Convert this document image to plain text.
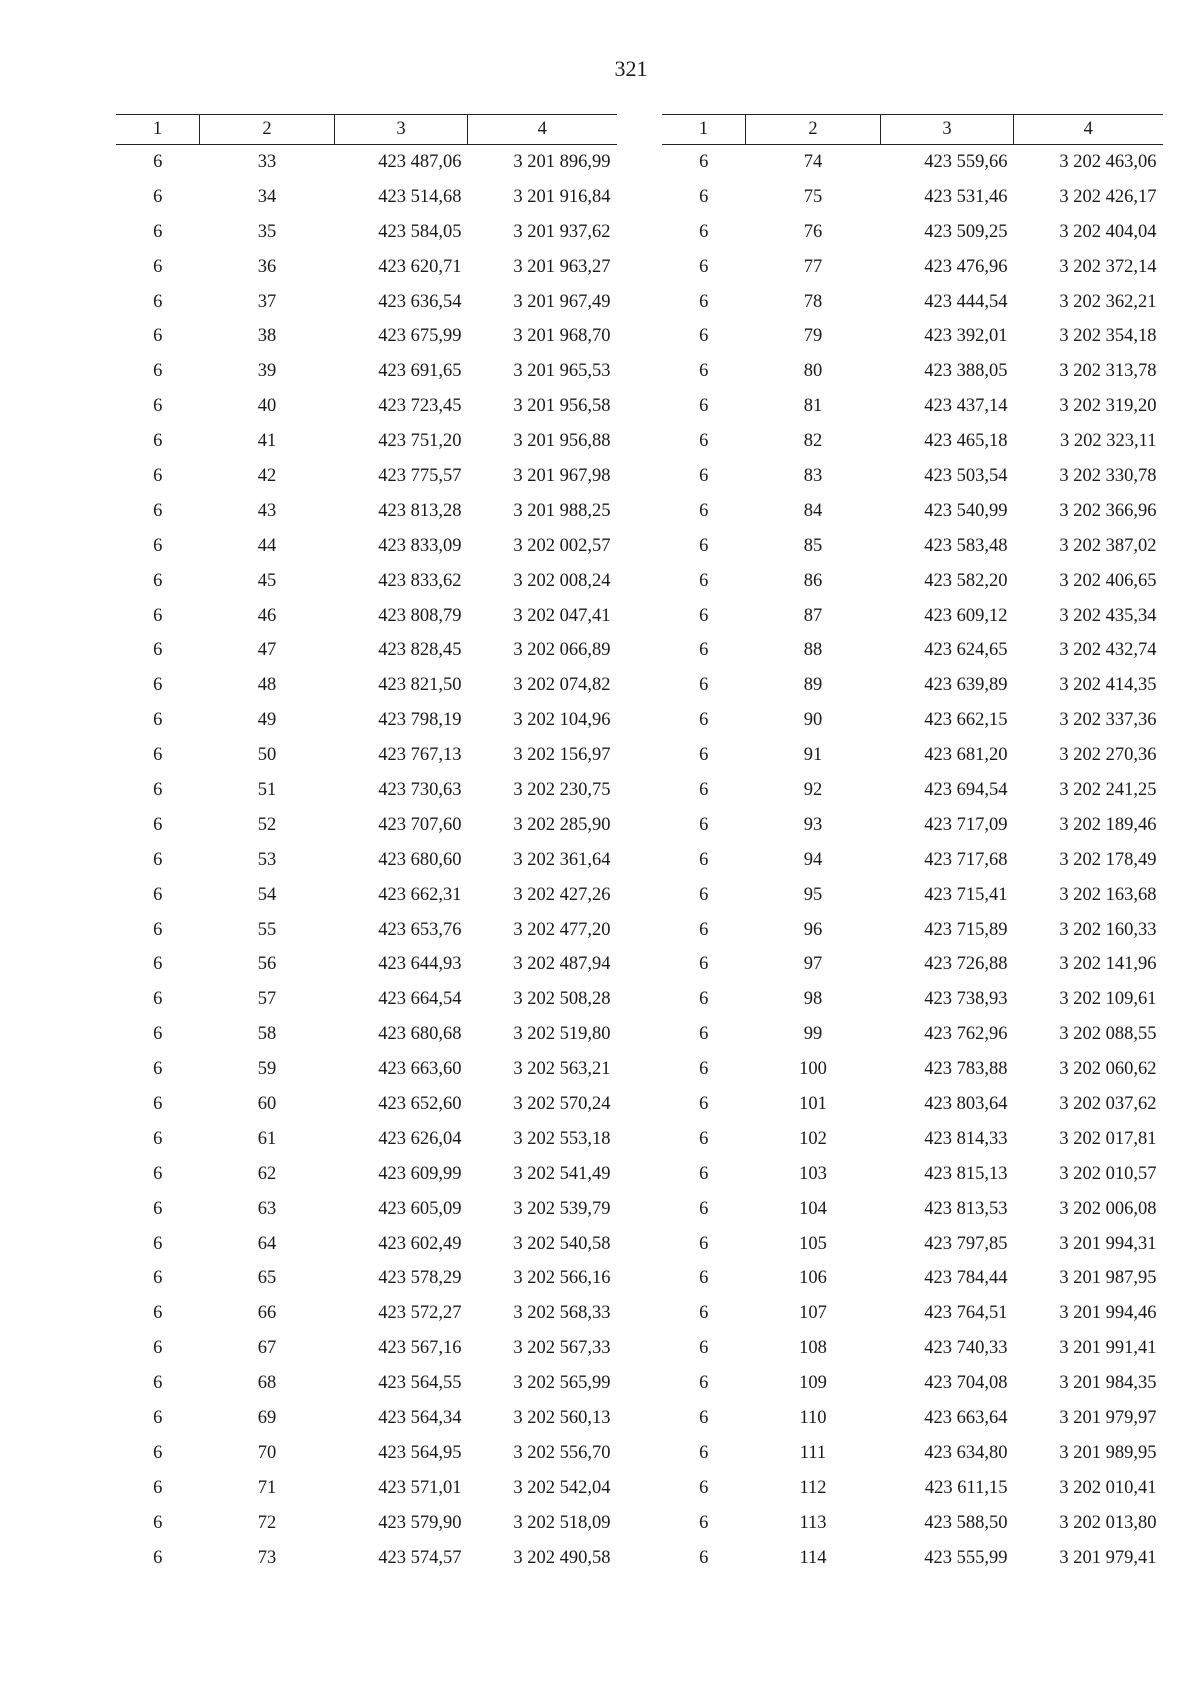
321
1	2	3	4
6	33	423 487,06	3 201 896,99
6	34	423 514,68	3 201 916,84
6	35	423 584,05	3 201 937,62
6	36	423 620,71	3 201 963,27
6	37	423 636,54	3 201 967,49
6	38	423 675,99	3 201 968,70
6	39	423 691,65	3 201 965,53
6	40	423 723,45	3 201 956,58
6	41	423 751,20	3 201 956,88
6	42	423 775,57	3 201 967,98
6	43	423 813,28	3 201 988,25
6	44	423 833,09	3 202 002,57
6	45	423 833,62	3 202 008,24
6	46	423 808,79	3 202 047,41
6	47	423 828,45	3 202 066,89
6	48	423 821,50	3 202 074,82
6	49	423 798,19	3 202 104,96
6	50	423 767,13	3 202 156,97
6	51	423 730,63	3 202 230,75
6	52	423 707,60	3 202 285,90
6	53	423 680,60	3 202 361,64
6	54	423 662,31	3 202 427,26
6	55	423 653,76	3 202 477,20
6	56	423 644,93	3 202 487,94
6	57	423 664,54	3 202 508,28
6	58	423 680,68	3 202 519,80
6	59	423 663,60	3 202 563,21
6	60	423 652,60	3 202 570,24
6	61	423 626,04	3 202 553,18
6	62	423 609,99	3 202 541,49
6	63	423 605,09	3 202 539,79
6	64	423 602,49	3 202 540,58
6	65	423 578,29	3 202 566,16
6	66	423 572,27	3 202 568,33
6	67	423 567,16	3 202 567,33
6	68	423 564,55	3 202 565,99
6	69	423 564,34	3 202 560,13
6	70	423 564,95	3 202 556,70
6	71	423 571,01	3 202 542,04
6	72	423 579,90	3 202 518,09
6	73	423 574,57	3 202 490,58
1	2	3	4
6	74	423 559,66	3 202 463,06
6	75	423 531,46	3 202 426,17
6	76	423 509,25	3 202 404,04
6	77	423 476,96	3 202 372,14
6	78	423 444,54	3 202 362,21
6	79	423 392,01	3 202 354,18
6	80	423 388,05	3 202 313,78
6	81	423 437,14	3 202 319,20
6	82	423 465,18	3 202 323,11
6	83	423 503,54	3 202 330,78
6	84	423 540,99	3 202 366,96
6	85	423 583,48	3 202 387,02
6	86	423 582,20	3 202 406,65
6	87	423 609,12	3 202 435,34
6	88	423 624,65	3 202 432,74
6	89	423 639,89	3 202 414,35
6	90	423 662,15	3 202 337,36
6	91	423 681,20	3 202 270,36
6	92	423 694,54	3 202 241,25
6	93	423 717,09	3 202 189,46
6	94	423 717,68	3 202 178,49
6	95	423 715,41	3 202 163,68
6	96	423 715,89	3 202 160,33
6	97	423 726,88	3 202 141,96
6	98	423 738,93	3 202 109,61
6	99	423 762,96	3 202 088,55
6	100	423 783,88	3 202 060,62
6	101	423 803,64	3 202 037,62
6	102	423 814,33	3 202 017,81
6	103	423 815,13	3 202 010,57
6	104	423 813,53	3 202 006,08
6	105	423 797,85	3 201 994,31
6	106	423 784,44	3 201 987,95
6	107	423 764,51	3 201 994,46
6	108	423 740,33	3 201 991,41
6	109	423 704,08	3 201 984,35
6	110	423 663,64	3 201 979,97
6	111	423 634,80	3 201 989,95
6	112	423 611,15	3 202 010,41
6	113	423 588,50	3 202 013,80
6	114	423 555,99	3 201 979,41
